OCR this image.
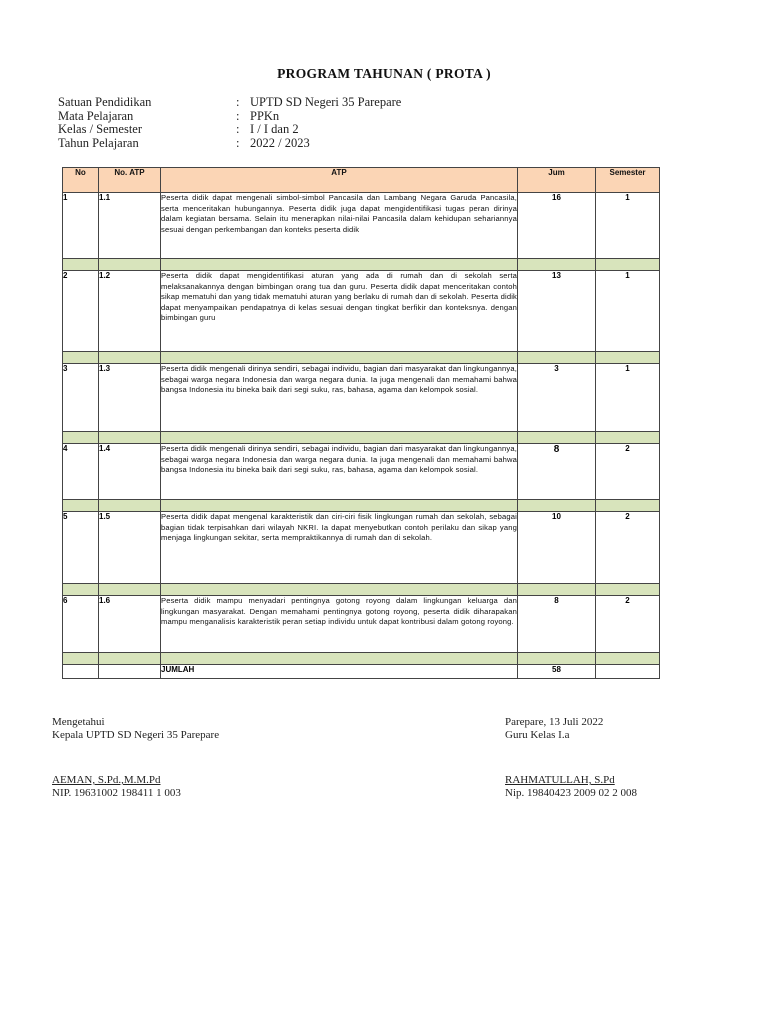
PROGRAM TAHUNAN ( PROTA )
Satuan Pendidikan	: UPTD SD Negeri 35 Parepare
Mata Pelajaran	: PPKn
Kelas / Semester	: I / I dan 2
Tahun Pelajaran	: 2022 / 2023
No	No. ATP	ATP	Jum	Semester
1	1.1	Peserta didik dapat mengenali simbol-simbol Pancasila dan Lambang Negara Garuda Pancasila, serta menceritakan hubungannya. Peserta didik juga dapat mengidentifikasi tugas peran dirinya dalam kegiatan bersama. Selain itu menerapkan nilai-nilai Pancasila dalam kehidupan sehariannya sesuai dengan perkembangan dan konteks peserta didik	16	1

2	1.2	Peserta didik dapat mengidentifikasi aturan yang ada di rumah dan di sekolah serta melaksanakannya dengan bimbingan orang tua dan guru. Peserta didik dapat menceritakan contoh sikap mematuhi dan yang tidak mematuhi aturan yang berlaku di rumah dan di sekolah. Peserta didik dapat menyampaikan pendapatnya di kelas sesuai dengan tingkat berfikir dan konteksnya. dengan bimbingan guru	13	1

3	1.3	Peserta didik mengenali dirinya sendiri, sebagai individu, bagian dari masyarakat dan lingkungannya, sebagai warga negara Indonesia dan warga negara dunia. Ia juga mengenali dan memahami bahwa bangsa Indonesia itu bineka baik dari segi suku, ras, bahasa, agama dan kelompok sosial.	3	1

4	1.4	Peserta didik mengenali dirinya sendiri, sebagai individu, bagian dari masyarakat dan lingkungannya, sebagai warga negara Indonesia dan warga negara dunia. Ia juga mengenali dan memahami bahwa bangsa Indonesia itu bineka baik dari segi suku, ras, bahasa, agama dan kelompok sosial.	8	2

5	1.5	Peserta didik dapat mengenal karakteristik dan ciri-ciri fisik lingkungan rumah dan sekolah, sebagai bagian tidak terpisahkan dari wilayah NKRI. Ia dapat menyebutkan contoh perilaku dan sikap yang menjaga lingkungan sekitar, serta mempraktikannya di rumah dan di sekolah.	10	2

6	1.6	Peserta didik mampu menyadari pentingnya gotong royong dalam lingkungan keluarga dan lingkungan masyarakat. Dengan memahami pentingnya gotong royong, peserta didik diharapakan mampu menganalisis karakteristik peran setiap individu untuk dapat kontribusi dalam gotong royong.	8	2

		JUMLAH	58	
Mengetahui
Kepala UPTD SD Negeri 35 Parepare
AEMAN, S.Pd.,M.M.Pd
NIP. 19631002 198411 1 003
Parepare, 13 Juli 2022
Guru Kelas I.a
RAHMATULLAH, S.Pd
Nip. 19840423 2009 02 2 008
